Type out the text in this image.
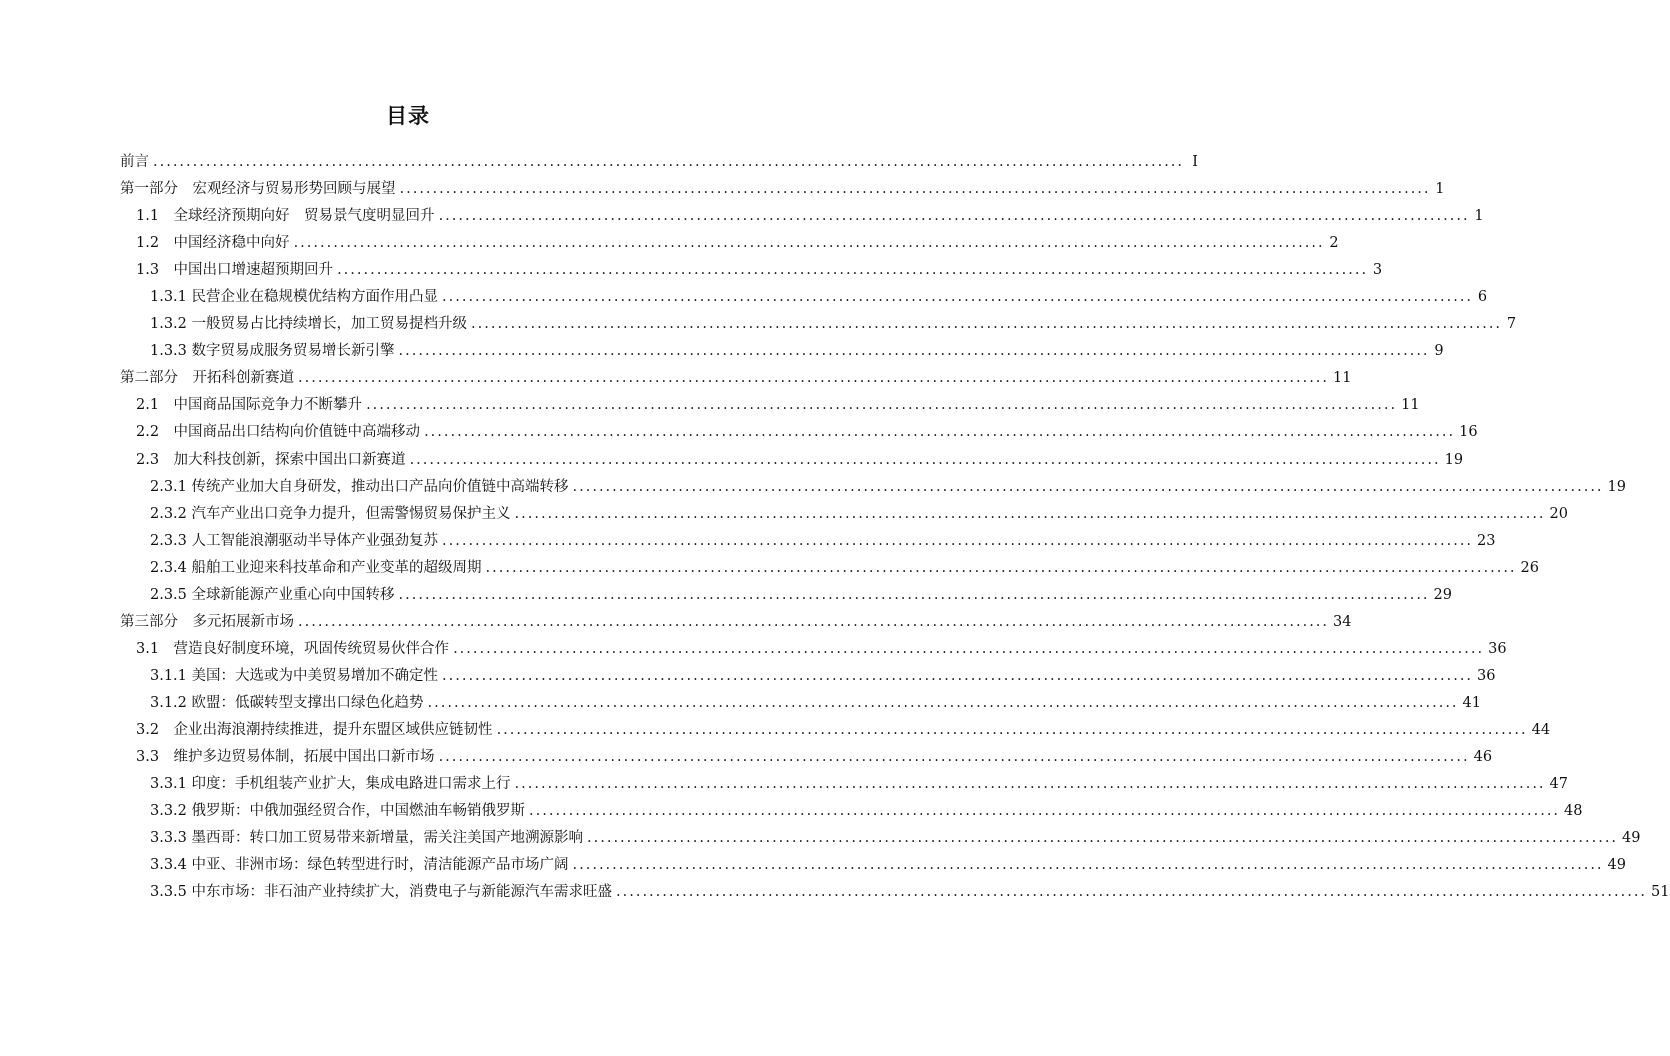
目录
前言 .....	I
第一部分　宏观经济与贸易形势回顾与展望 .....	1
1.1　全球经济预期向好　贸易景气度明显回升 .....	1
1.2　中国经济稳中向好 .....	2
1.3　中国出口增速超预期回升 .....	3
1.3.1 民营企业在稳规模优结构方面作用凸显 .....	6
1.3.2 一般贸易占比持续增长，加工贸易提档升级 .....	7
1.3.3 数字贸易成服务贸易增长新引擎 .....	9
第二部分　开拓科创新赛道 .....	11
2.1　中国商品国际竞争力不断攀升 .....	11
2.2　中国商品出口结构向价值链中高端移动 .....	16
2.3　加大科技创新，探索中国出口新赛道 .....	19
2.3.1 传统产业加大自身研发，推动出口产品向价值链中高端转移 .....	19
2.3.2 汽车产业出口竞争力提升，但需警惕贸易保护主义 .....	20
2.3.3 人工智能浪潮驱动半导体产业强劲复苏 .....	23
2.3.4 船舶工业迎来科技革命和产业变革的超级周期 .....	26
2.3.5 全球新能源产业重心向中国转移 .....	29
第三部分　多元拓展新市场 .....	34
3.1　营造良好制度环境，巩固传统贸易伙伴合作 .....	36
3.1.1 美国：大选或为中美贸易增加不确定性 .....	36
3.1.2 欧盟：低碳转型支撑出口绿色化趋势 .....	41
3.2　企业出海浪潮持续推进，提升东盟区域供应链韧性 .....	44
3.3　维护多边贸易体制，拓展中国出口新市场 .....	46
3.3.1 印度：手机组装产业扩大，集成电路进口需求上行 .....	47
3.3.2 俄罗斯：中俄加强经贸合作，中国燃油车畅销俄罗斯 .....	48
3.3.3 墨西哥：转口加工贸易带来新增量，需关注美国产地溯源影响 .....	49
3.3.4 中亚、非洲市场：绿色转型进行时，清洁能源产品市场广阔 .....	49
3.3.5 中东市场：非石油产业持续扩大，消费电子与新能源汽车需求旺盛 .....	51
